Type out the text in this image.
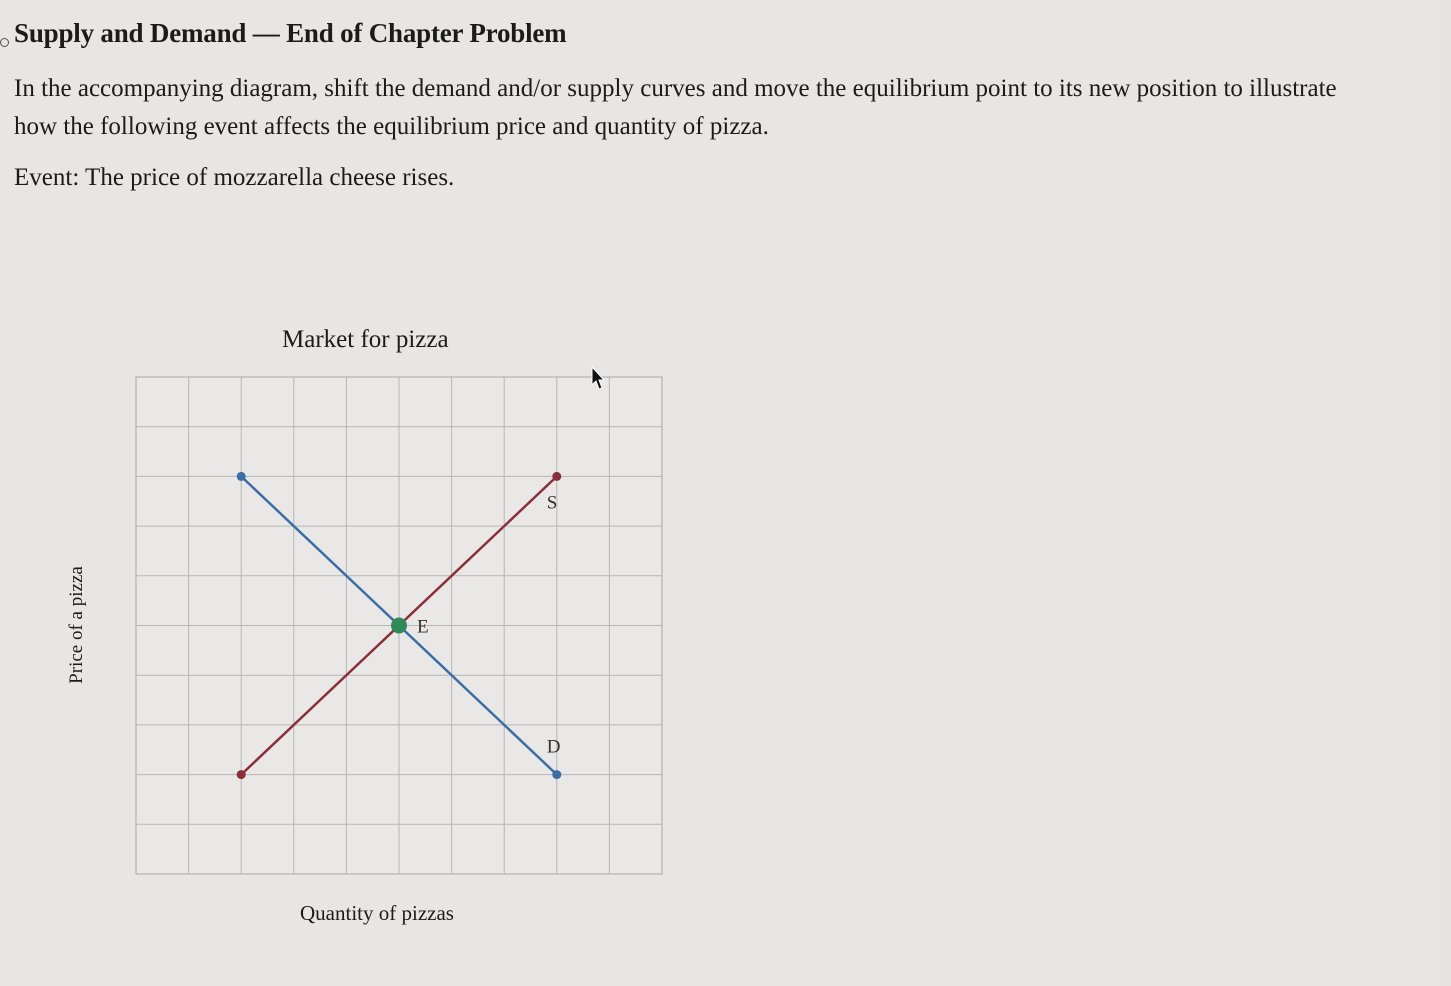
Supply and Demand — End of Chapter Problem

In the accompanying diagram, shift the demand and/or supply curves and move the equilibrium point to its new position to illustrate how the following event affects the equilibrium price and quantity of pizza.

Event: The price of mozzarella cheese rises.

Market for pizza
Price of a pizza
Quantity of pizzas
D
S
E
